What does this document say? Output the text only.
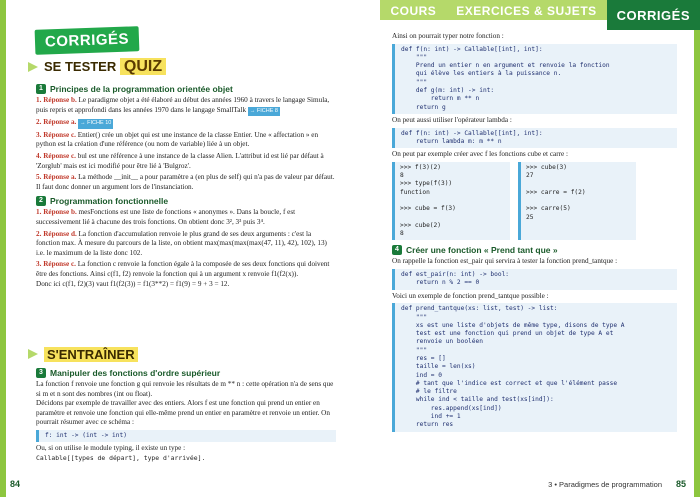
CORRIGÉS
SE TESTER QUIZ
1 Principes de la programmation orientée objet

1. Réponse b. Le paradigme objet a été élaboré au début des années 1960 à travers le langage Simula, puis repris et approfondi dans les années 1970 dans le langage SmallTalk → FICHE 8

2. Réponse a. → FICHE 10

3. Réponse c. Entier() crée un objet qui est une instance de la classe Entier. Une « affectation » en python est la création d'une référence (ou nom de variable) liée à un objet.

4. Réponse c. bul est une référence à une instance de la classe Alien. L'attribut id est lié par défaut à 'Zorglub' mais est ici modifié pour être lié à 'Bulgroz'.

5. Réponse a. La méthode __init__ a pour paramètre a (en plus de self) qui n'a pas de valeur par défaut. Il faut donc donner un argument lors de l'instanciation.

2 Programmation fonctionnelle

1. Réponse b. mesFonctions est une liste de fonctions « anonymes ». Dans la boucle, f est successivement lié à chacune des trois fonctions. On obtient donc 3², 3³ puis 3⁴.

2. Réponse d. La fonction d'accumulation renvoie le plus grand de ses deux arguments : c'est la fonction max. À mesure du parcours de la liste, on obtient max(max(max(max(47, 11), 42), 102), 13) i.e. le maximum de la liste donc 102.

3. Réponse c. La fonction c renvoie la fonction égale à la composée de ses deux fonctions qui doivent être des fonctions. Ainsi c(f1, f2) renvoie la fonction qui à un argument x renvoie f1(f2(x)).

Donc ici c(f1, f2)(3) vaut f1(f2(3)) = f1(3**2) = f1(9) = 9 + 3 = 12.

S'ENTRAÎNER
3 Manipuler des fonctions d'ordre supérieur

La fonction f renvoie une fonction g qui renvoie les résultats de m ** n : cette opération n'a de sens que si m et n sont des nombres (int ou float).

Décidons par exemple de travailler avec des entiers. Alors f est une fonction qui prend un entier en paramètre et renvoie une fonction qui elle-même prend un entier en paramètre et renvoie un entier. On pourrait résumer avec ce schéma :

f: int -> (int -> int)

Ou, si on utilise le module typing, il existe un type :

Callable[[types de départ], type d'arrivée].

84
COURS	EXERCICES & SUJETS	CORRIGÉS

Ainsi on pourrait typer notre fonction :

def f(n: int) -> Callable[[int], int]:
"""
Prend un entier n en argument et renvoie la fonction
qui élève les entiers à la puissance n.
"""
def g(m: int) -> int:
return m ** n
return g

On peut aussi utiliser l'opérateur lambda :

def f(n: int) -> Callable[[int], int]:
return lambda m: m ** n

On peut par exemple créer avec f les fonctions cube et carre :

>>> f(3)(2)
8
>>> type(f(3))
function

>>> cube = f(3)

>>> cube(2)
8
>>> cube(3)
27

>>> carre = f(2)

>>> carre(5)
25
4 Créer une fonction « Prend tant que »

On rappelle la fonction est_pair qui servira à tester la fonction prend_tantque :

def est_pair(n: int) -> bool:
return n % 2 == 0

Voici un exemple de fonction prend_tantque possible :

def prend_tantque(xs: list, test) -> list:
"""
xs est une liste d'objets de même type, disons de type A
test est une fonction qui prend un objet de type A et
renvoie un booléen
"""
res = []
taille = len(xs)
ind = 0
# tant que l'indice est correct et que l'élément passe
# le filtre
while ind < taille and test(xs[ind]):
res.append(xs[ind])
ind += 1
return res
3 • Paradigmes de programmation 85
